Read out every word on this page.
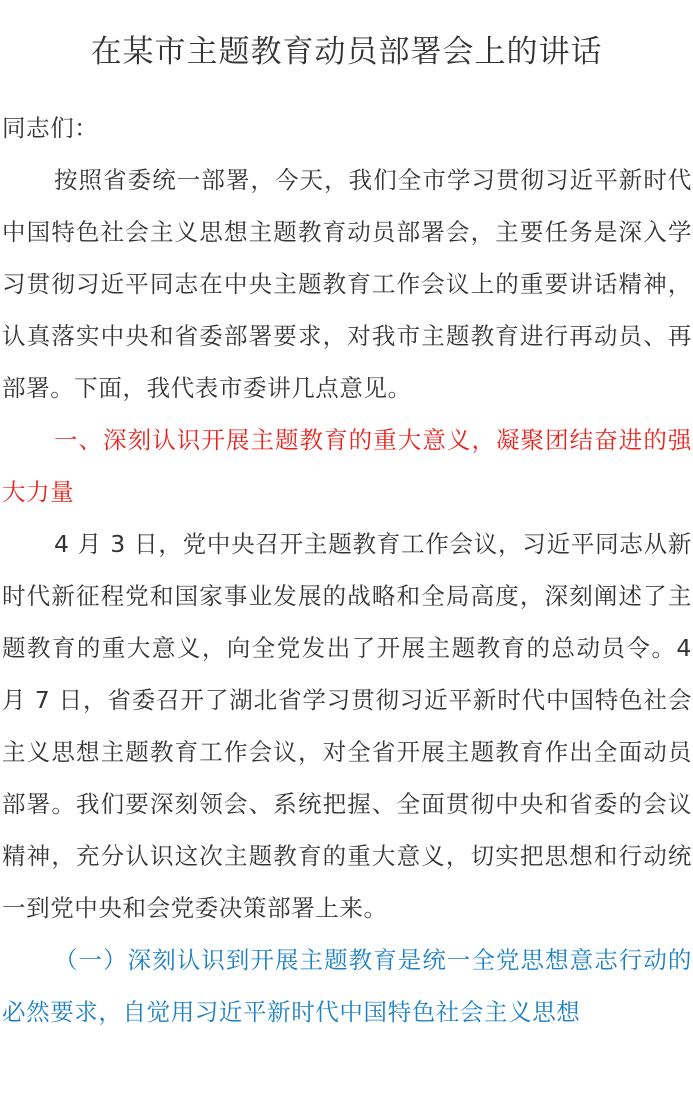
在某市主题教育动员部署会上的讲话

同志们：

按照省委统一部署，今天，我们全市学习贯彻习近平新时代中国特色社会主义思想主题教育动员部署会，主要任务是深入学习贯彻习近平同志在中央主题教育工作会议上的重要讲话精神，认真落实中央和省委部署要求，对我市主题教育进行再动员、再部署。下面，我代表市委讲几点意见。

一、深刻认识开展主题教育的重大意义，凝聚团结奋进的强大力量

4 月 3 日，党中央召开主题教育工作会议，习近平同志从新时代新征程党和国家事业发展的战略和全局高度，深刻阐述了主题教育的重大意义，向全党发出了开展主题教育的总动员令。4 月 7 日，省委召开了湖北省学习贯彻习近平新时代中国特色社会主义思想主题教育工作会议，对全省开展主题教育作出全面动员部署。我们要深刻领会、系统把握、全面贯彻中央和省委的会议精神，充分认识这次主题教育的重大意义，切实把思想和行动统一到党中央和会党委决策部署上来。

（一）深刻认识到开展主题教育是统一全党思想意志行动的必然要求，自觉用习近平新时代中国特色社会主义思想
